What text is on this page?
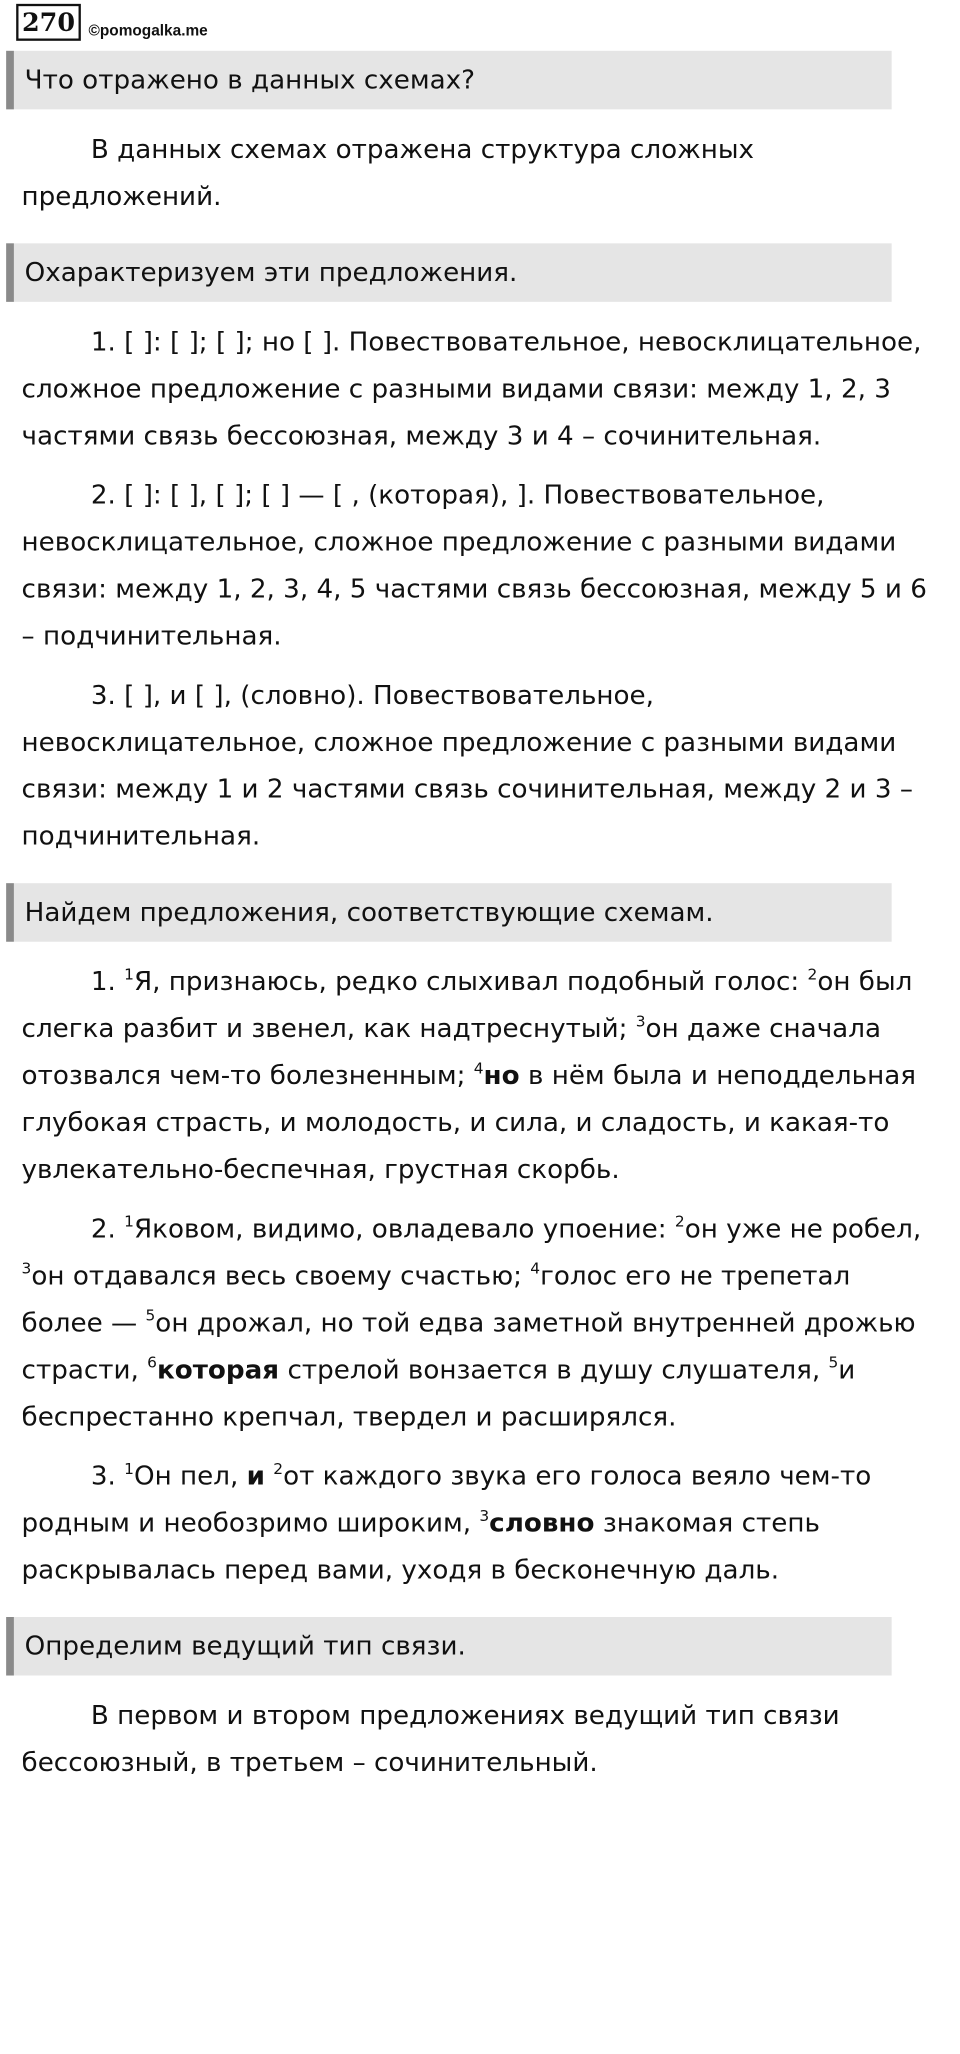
270 ©pomogalka.me
Что отражено в данных схемах?
В данных схемах отражена структура сложных предложений.
Охарактеризуем эти предложения.
1. [ ]: [ ]; [ ]; но [ ]. Повествовательное, невосклицательное, сложное предложение с разными видами связи: между 1, 2, 3 частями связь бессоюзная, между 3 и 4 – сочинительная.
2. [ ]: [ ], [ ]; [ ] — [ , (которая), ]. Повествовательное, невосклицательное, сложное предложение с разными видами связи: между 1, 2, 3, 4, 5 частями связь бессоюзная, между 5 и 6 – подчинительная.
3. [ ], и [ ], (словно). Повествовательное, невосклицательное, сложное предложение с разными видами связи: между 1 и 2 частями связь сочинительная, между 2 и 3 – подчинительная.
Найдем предложения, соответствующие схемам.
1. $^1$Я, признаюсь, редко слыхивал подобный голос: $^2$он был слегка разбит и звенел, как надтреснутый; $^3$он даже сначала отозвался чем-то болезненным; $^4$но в нём была и неподдельная глубокая страсть, и молодость, и сила, и сладость, и какая-то увлекательно-беспечная, грустная скорбь.
2. $^1$Яковом, видимо, овладевало упоение: $^2$он уже не робел, $^3$он отдавался весь своему счастью; $^4$голос его не трепетал более — $^5$он дрожал, но той едва заметной внутренней дрожью страсти, $^6$которая стрелой вонзается в душу слушателя, $^5$и беспрестанно крепчал, твердел и расширялся.
3. $^1$Он пел, и $^2$от каждого звука его голоса веяло чем-то родным и необозримо широким, $^3$словно знакомая степь раскрывалась перед вами, уходя в бесконечную даль.
Определим ведущий тип связи.
В первом и втором предложениях ведущий тип связи бессоюзный, в третьем – сочинительный.
